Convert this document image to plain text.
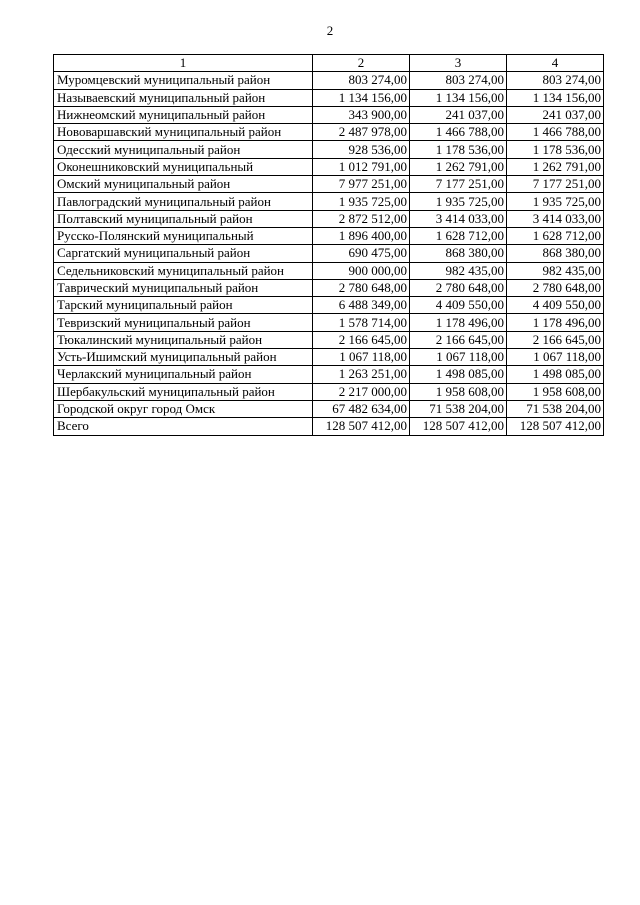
2
1	2	3	4
Муромцевский муниципальный район	803 274,00	803 274,00	803 274,00
Называевский муниципальный район	1 134 156,00	1 134 156,00	1 134 156,00
Нижнеомский муниципальный район	343 900,00	241 037,00	241 037,00
Нововаршавский муниципальный район	2 487 978,00	1 466 788,00	1 466 788,00
Одесский муниципальный район	928 536,00	1 178 536,00	1 178 536,00
Оконешниковский муниципальный	1 012 791,00	1 262 791,00	1 262 791,00
Омский муниципальный район	7 977 251,00	7 177 251,00	7 177 251,00
Павлоградский муниципальный район	1 935 725,00	1 935 725,00	1 935 725,00
Полтавский муниципальный район	2 872 512,00	3 414 033,00	3 414 033,00
Русско-Полянский муниципальный	1 896 400,00	1 628 712,00	1 628 712,00
Саргатский муниципальный район	690 475,00	868 380,00	868 380,00
Седельниковский муниципальный район	900 000,00	982 435,00	982 435,00
Таврический муниципальный район	2 780 648,00	2 780 648,00	2 780 648,00
Тарский муниципальный район	6 488 349,00	4 409 550,00	4 409 550,00
Тевризский муниципальный район	1 578 714,00	1 178 496,00	1 178 496,00
Тюкалинский муниципальный район	2 166 645,00	2 166 645,00	2 166 645,00
Усть-Ишимский муниципальный район	1 067 118,00	1 067 118,00	1 067 118,00
Черлакский муниципальный район	1 263 251,00	1 498 085,00	1 498 085,00
Шербакульский муниципальный район	2 217 000,00	1 958 608,00	1 958 608,00
Городской округ город Омск	67 482 634,00	71 538 204,00	71 538 204,00
Всего	128 507 412,00	128 507 412,00	128 507 412,00
